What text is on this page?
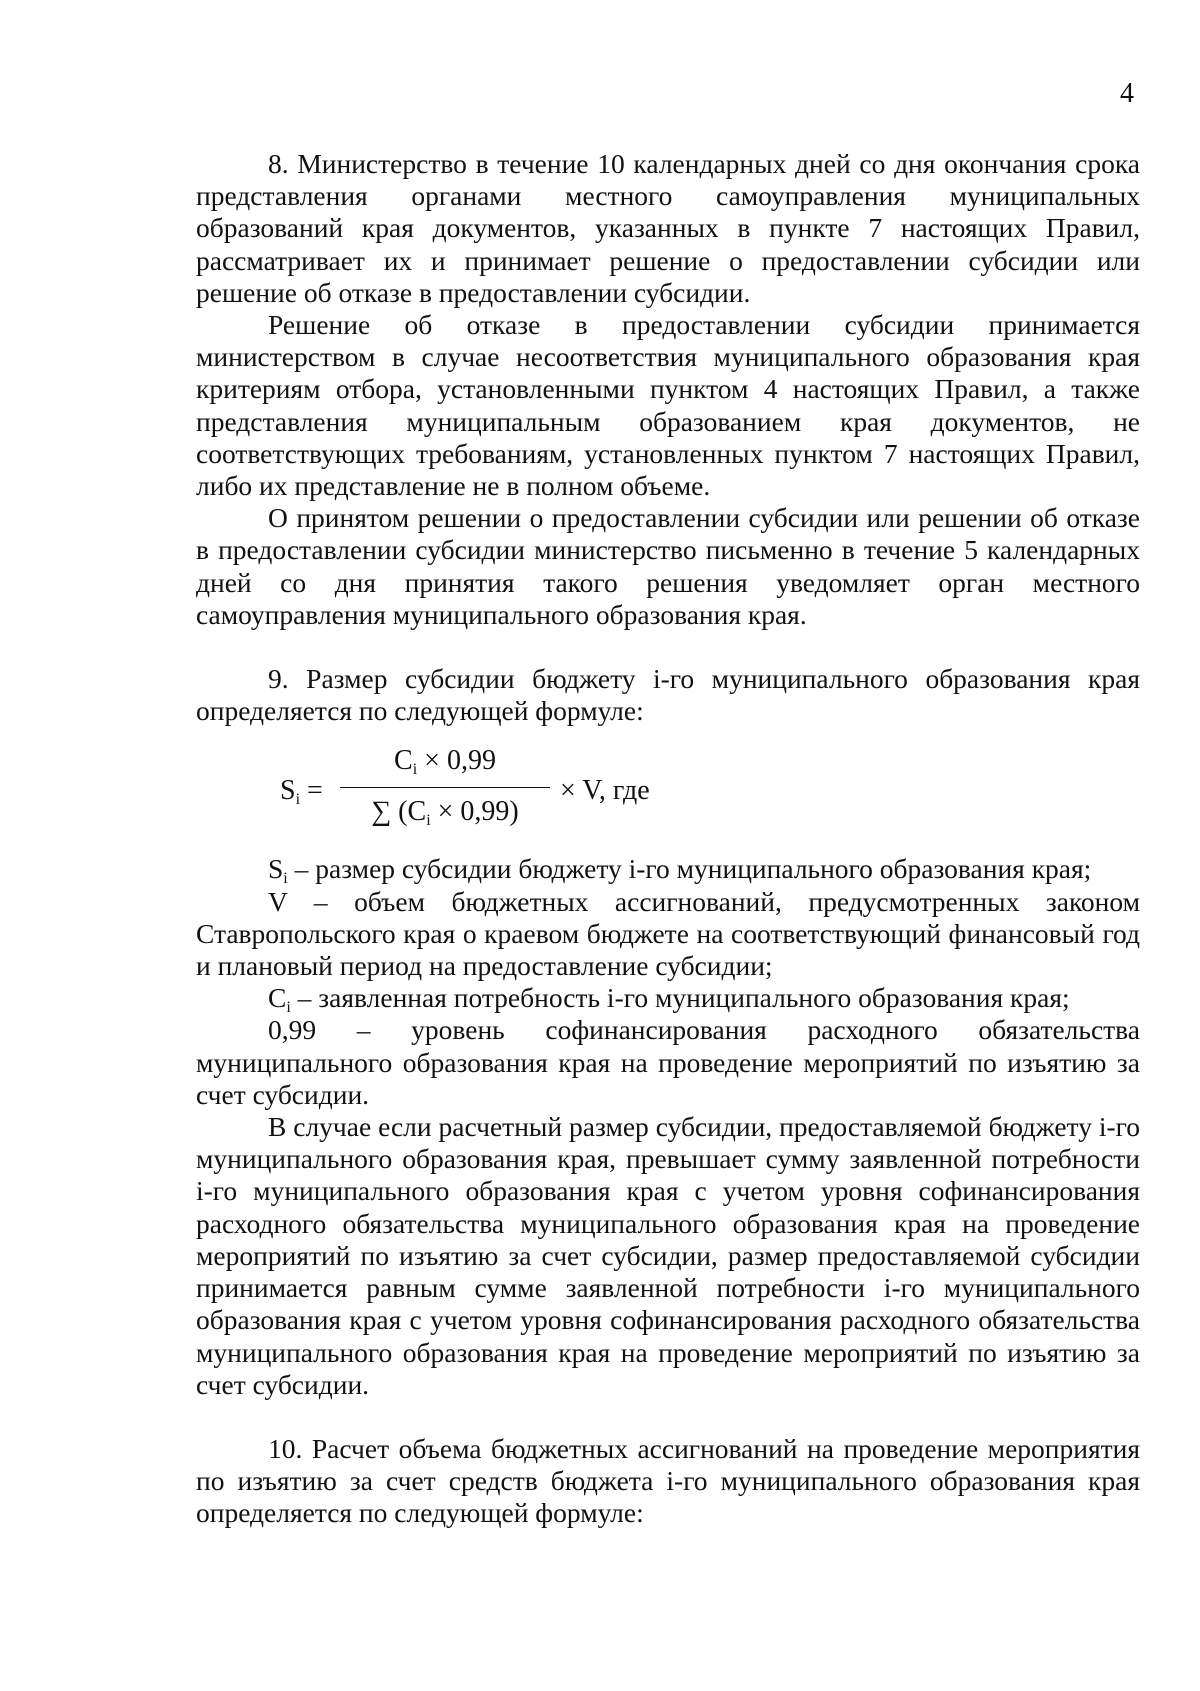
4

8. Министерство в течение 10 календарных дней со дня окончания срока представления органами местного самоуправления муниципальных образований края документов, указанных в пункте 7 настоящих Правил, рассматривает их и принимает решение о предоставлении субсидии или решение об отказе в предоставлении субсидии.

Решение об отказе в предоставлении субсидии принимается министерством в случае несоответствия муниципального образования края критериям отбора, установленными пунктом 4 настоящих Правил, а также представления муниципальным образованием края документов, не соответствующих требованиям, установленных пунктом 7 настоящих Правил, либо их представление не в полном объеме.

О принятом решении о предоставлении субсидии или решении об отказе в предоставлении субсидии министерство письменно в течение 5 календарных дней со дня принятия такого решения уведомляет орган местного самоуправления муниципального образования края.

9. Размер субсидии бюджету i-го муниципального образования края определяется по следующей формуле:

$S_i$ =
$C_i \times 0,99$
∑ $(C_i \times 0,99)$
× V, где

$S_i$ – размер субсидии бюджету i-го муниципального образования края;

V – объем бюджетных ассигнований, предусмотренных законом Ставропольского края о краевом бюджете на соответствующий финансовый год и плановый период на предоставление субсидии;

$C_i$ – заявленная потребность i-го муниципального образования края;

0,99 – уровень софинансирования расходного обязательства муниципального образования края на проведение мероприятий по изъятию за счет субсидии.

В случае если расчетный размер субсидии, предоставляемой бюджету i-го муниципального образования края, превышает сумму заявленной потребности i-го муниципального образования края с учетом уровня софинансирования расходного обязательства муниципального образования края на проведение мероприятий по изъятию за счет субсидии, размер предоставляемой субсидии принимается равным сумме заявленной потребности i-го муниципального образования края с учетом уровня софинансирования расходного обязательства муниципального образования края на проведение мероприятий по изъятию за счет субсидии.

10. Расчет объема бюджетных ассигнований на проведение мероприятия по изъятию за счет средств бюджета i-го муниципального образования края определяется по следующей формуле:
